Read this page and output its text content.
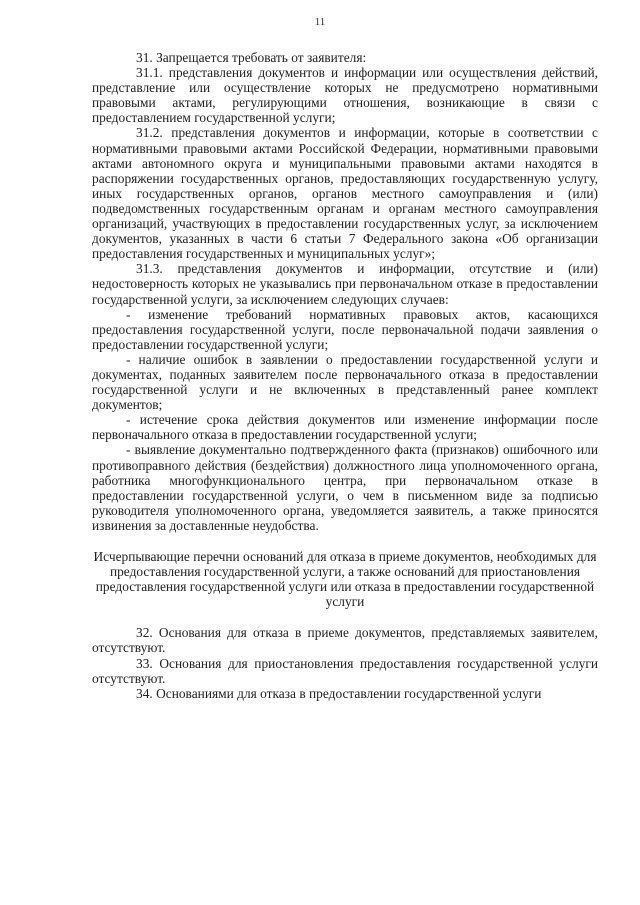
11

31. Запрещается требовать от заявителя:

31.1. представления документов и информации или осуществления действий, представление или осуществление которых не предусмотрено нормативными правовыми актами, регулирующими отношения, возникающие в связи с предоставлением государственной услуги;

31.2. представления документов и информации, которые в соответствии с нормативными правовыми актами Российской Федерации, нормативными правовыми актами автономного округа и муниципальными правовыми актами находятся в распоряжении государственных органов, предоставляющих государственную услугу, иных государственных органов, органов местного самоуправления и (или) подведомственных государственным органам и органам местного самоуправления организаций, участвующих в предоставлении государственных услуг, за исключением документов, указанных в части 6 статьи 7 Федерального закона «Об организации предоставления государственных и муниципальных услуг»;

31.3. представления документов и информации, отсутствие и (или) недостоверность которых не указывались при первоначальном отказе в предоставлении государственной услуги, за исключением следующих случаев:

- изменение требований нормативных правовых актов, касающихся предоставления государственной услуги, после первоначальной подачи заявления о предоставлении государственной услуги;

- наличие ошибок в заявлении о предоставлении государственной услуги и документах, поданных заявителем после первоначального отказа в предоставлении государственной услуги и не включенных в представленный ранее комплект документов;

- истечение срока действия документов или изменение информации после первоначального отказа в предоставлении государственной услуги;

- выявление документально подтвержденного факта (признаков) ошибочного или противоправного действия (бездействия) должностного лица уполномоченного органа, работника многофункционального центра, при первоначальном отказе в предоставлении государственной услуги, о чем в письменном виде за подписью руководителя уполномоченного органа, уведомляется заявитель, а также приносятся извинения за доставленные неудобства.

Исчерпывающие перечни оснований для отказа в приеме документов, необходимых для предоставления государственной услуги, а также оснований для приостановления предоставления государственной услуги или отказа в предоставлении государственной услуги

32. Основания для отказа в приеме документов, представляемых заявителем, отсутствуют.

33. Основания для приостановления предоставления государственной услуги отсутствуют.

34. Основаниями для отказа в предоставлении государственной услуги
